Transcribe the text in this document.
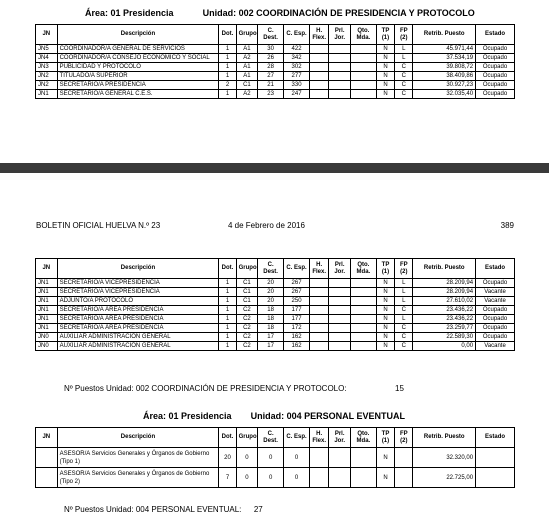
Área: 01 Presidencia	Unidad: 002 COORDINACIÓN DE PRESIDENCIA Y PROTOCOLO
JN	Descripción	Dot.	Grupo	C. Dest.	C. Esp.	H. Flex.	Prl. Jor.	Qto. Mda.	TP (1)	FP (2)	Retrib. Puesto	Estado
JN5	COORDINADOR/A GENERAL DE SERVICIOS	1	A1	30	422				N	L	45.971,44	Ocupado
JN4	COORDINADOR/A CONSEJO ECONÓMICO Y SOCIAL	1	A2	26	342				N	L	37.534,19	Ocupado
JN3	PUBLICIDAD Y PROTOCOLO	1	A1	28	302				N	C	39.808,72	Ocupado
JN2	TITULADO/A SUPERIOR	1	A1	27	277				N	C	38.409,86	Ocupado
JN2	SECRETARIO/A PRESIDENCIA	2	C1	21	330				N	C	30.927,23	Ocupado
JN1	SECRETARIO/A GENERAL C.E.S.	1	A2	23	247				N	C	32.035,40	Ocupado
BOLETIN OFICIAL HUELVA N.º 23	4 de Febrero de 2016	389
JN	Descripción	Dot.	Grupo	C. Dest.	C. Esp.	H. Flex.	Prl. Jor.	Qto. Mda.	TP (1)	FP (2)	Retrib. Puesto	Estado
JN1	SECRETARIO/A VICEPRESIDENCIA	1	C1	20	267				N	L	28.209,94	Ocupado
JN1	SECRETARIO/A VICEPRESIDENCIA	1	C1	20	267				N	L	28.209,94	Vacante
JN1	ADJUNTO/A PROTOCOLO	1	C1	20	250				N	L	27.610,02	Vacante
JN1	SECRETARIO/A ÁREA PRESIDENCIA	1	C2	18	177				N	C	23.436,22	Ocupado
JN1	SECRETARIO/A ÁREA PRESIDENCIA	1	C2	18	177				N	L	23.436,22	Ocupado
JN1	SECRETARIO/A ÁREA PRESIDENCIA	1	C2	18	172				N	C	23.259,77	Ocupado
JN0	AUXILIAR ADMINISTRACIÓN GENERAL	1	C2	17	162				N	C	22.589,30	Ocupado
JN0	AUXILIAR ADMINISTRACIÓN GENERAL	1	C2	17	162				N	C	0,00	Vacante
Nº Puestos Unidad: 002 COORDINACIÓN DE PRESIDENCIA Y PROTOCOLO:	15
Área: 01 Presidencia Unidad: 004 PERSONAL EVENTUAL
JN	Descripción	Dot.	Grupo	C. Dest.	C. Esp.	H. Flex.	Prl. Jor.	Qto. Mda.	TP (1)	FP (2)	Retrib. Puesto	Estado
	ASESOR/A Servicios Generales y Órganos de Gobierno (Tipo 1)	20	0	0	0				N		32.320,00	
	ASESOR/A Servicios Generales y Órganos de Gobierno (Tipo 2)	7	0	0	0				N		22.725,00	
Nº Puestos Unidad: 004 PERSONAL EVENTUAL: 27
